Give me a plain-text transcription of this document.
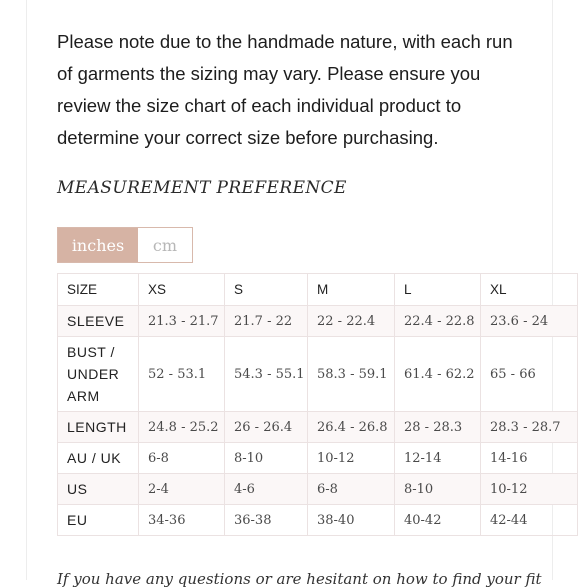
Please note due to the handmade nature, with each run of garments the sizing may vary. Please ensure you review the size chart of each individual product to determine your correct size before purchasing.

MEASUREMENT PREFERENCE
inches	cm
SIZE	XS	S	M	L	XL
SLEEVE	21.3 - 21.7	21.7 - 22	22 - 22.4	22.4 - 22.8	23.6 - 24
BUST / UNDER ARM	52 - 53.1	54.3 - 55.1	58.3 - 59.1	61.4 - 62.2	65 - 66
LENGTH	24.8 - 25.2	26 - 26.4	26.4 - 26.8	28 - 28.3	28.3 - 28.7
AU / UK	6-8	8-10	10-12	12-14	14-16
US	2-4	4-6	6-8	8-10	10-12
EU	34-36	36-38	38-40	40-42	42-44
If you have any questions or are hesitant on how to find your fit
